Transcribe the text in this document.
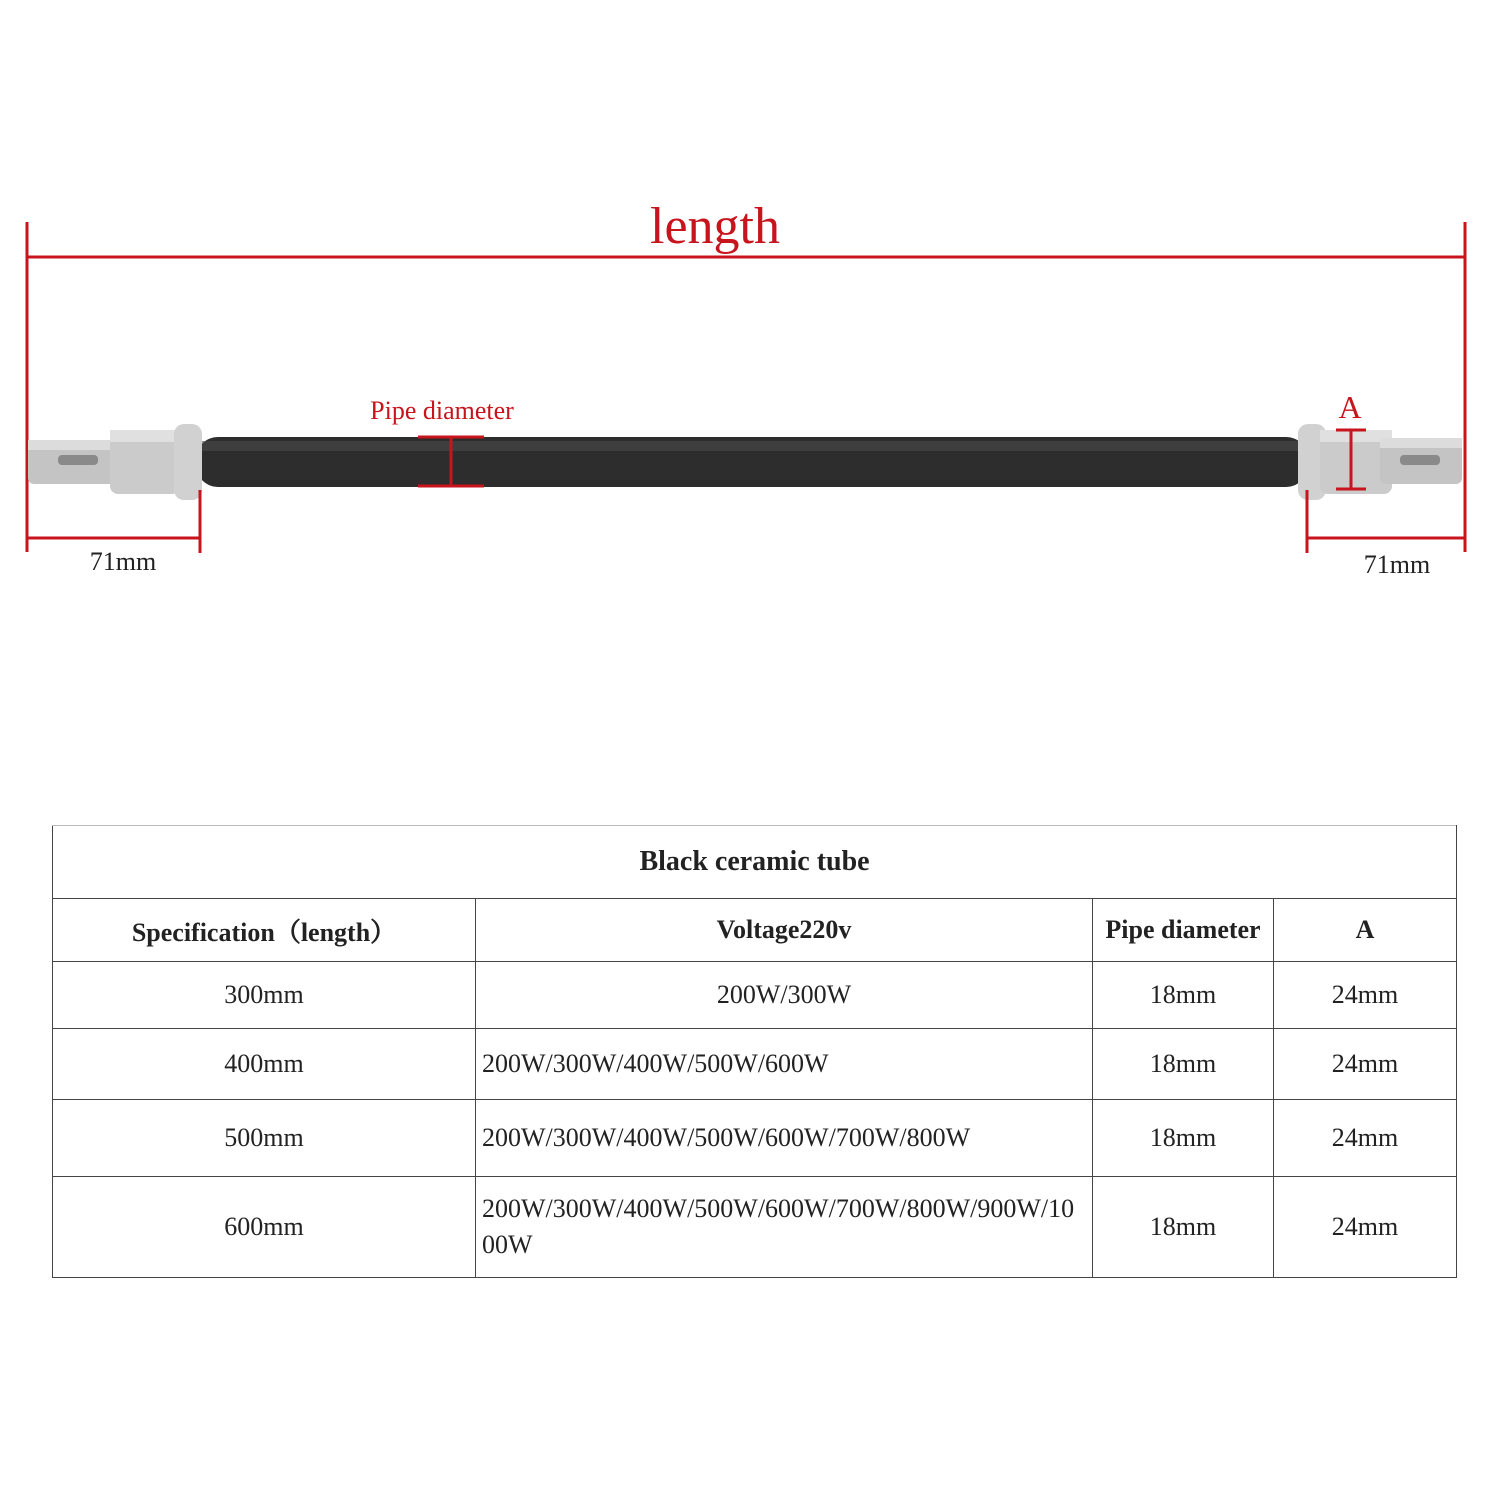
length
Pipe diameter	A
71mm	71mm
Black ceramic tube			
Specification（length）	Voltage220v	Pipe diameter	A
300mm	200W/300W	18mm	24mm
400mm	200W/300W/400W/500W/600W	18mm	24mm
500mm	200W/300W/400W/500W/600W/700W/800W	18mm	24mm
600mm	200W/300W/400W/500W/600W/700W/800W/900W/1000W	18mm	24mm
